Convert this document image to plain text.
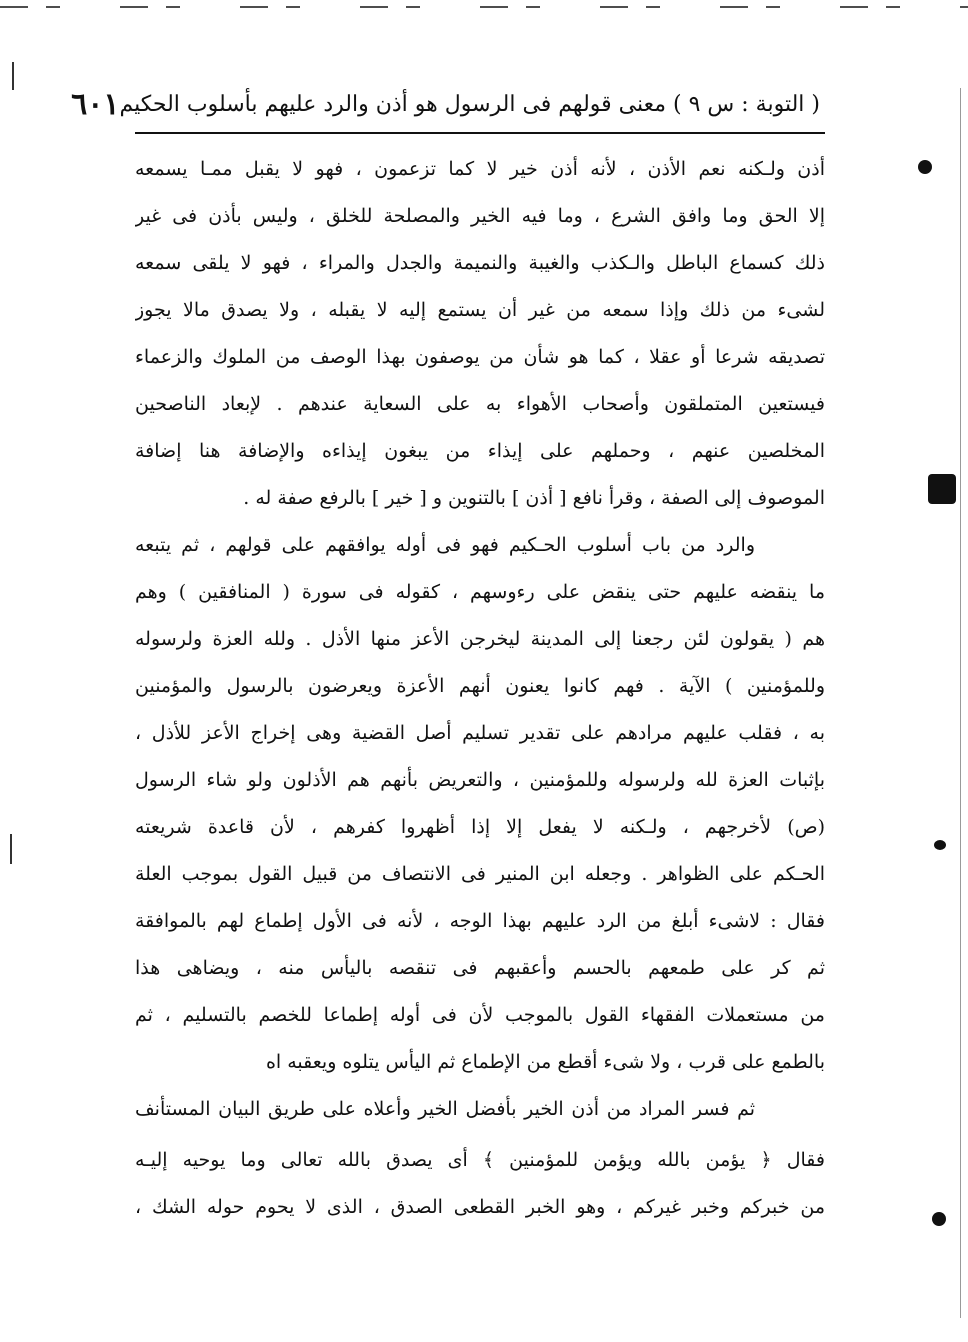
( التوبة : س ٩ ) معنى قولهم فى الرسول هو أذن والرد عليهم بأسلوب الحكيم
٦٠١
أذن ولـكنه نعم الأذن ، لأنه أذن خير لا كما تزعمون ، فهو لا يقبل ممـا يسمعه
إلا الحق وما وافق الشرع ، وما فيه الخير والمصلحة للخلق ، وليس بأذن فى غير
ذلك كسماع الباطل والـكذب والغيبة والنميمة والجدل والمراء ، فهو لا يلقى سمعه
لشىء من ذلك وإذا سمعه من غير أن يستمع إليه لا يقبله ، ولا يصدق مالا يجوز
تصديقه شرعا أو عقلا ، كما هو شأن من يوصفون بهذا الوصف من الملوك والزعماء
فيستعين المتملقون وأصحاب الأهواء به على السعاية عندهم . لإبعاد الناصحين
المخلصين عنهم ، وحملهم على إيذاء من يبغون إيذاءه والإضافة هنا إضافة
الموصوف إلى الصفة ، وقرأ نافع [ أذن ] بالتنوين و [ خير ] بالرفع صفة له .
والرد من باب أسلوب الحـكيم فهو فى أوله يوافقهم على قولهم ، ثم يتبعه
ما ينقضه عليهم حتى ينقض على رءوسهم ، كقوله فى سورة ( المنافقين ) وهم
هم ( يقولون لئن رجعنا إلى المدينة ليخرجن الأعز منها الأذل . ولله العزة ولرسوله
وللمؤمنين ) الآية . فهم كانوا يعنون أنهم الأعزة ويعرضون بالرسول والمؤمنين
به ، فقلب عليهم مرادهم على تقدير تسليم أصل القضية وهى إخراج الأعز للأذل ،
بإثبات العزة لله ولرسوله وللمؤمنين ، والتعريض بأنهم هم الأذلون ولو شاء الرسول
(ص) لأخرجهم ، ولـكنه لا يفعل إلا إذا أظهروا كفرهم ، لأن قاعدة شريعته
الحـكم على الظواهر . وجعله ابن المنير فى الانتصاف من قبيل القول بموجب العلة
فقال : لاشىء أبلغ من الرد عليهم بهذا الوجه ، لأنه فى الأول إطماع لهم بالموافقة
ثم كر على طمعهم بالحسم وأعقبهم فى تنقصه باليأس منه ، ويضاهى هذا
من مستعملات الفقهاء القول بالموجب لأن فى أوله إطماعا للخصم بالتسليم ، ثم
بالطمع على قرب ، ولا شىء أقطع من الإطماع ثم اليأس يتلوه ويعقبه اه
ثم فسر المراد من أذن الخير بأفضل الخير وأعلاه على طريق البيان المستأنف
فقال ﴿ يؤمن بالله ويؤمن للمؤمنين ﴾ أى يصدق بالله تعالى وما يوحيه إليـه
من خبركم وخبر غيركم ، وهو الخبر القطعى الصدق ، الذى لا يحوم حوله الشك ،
